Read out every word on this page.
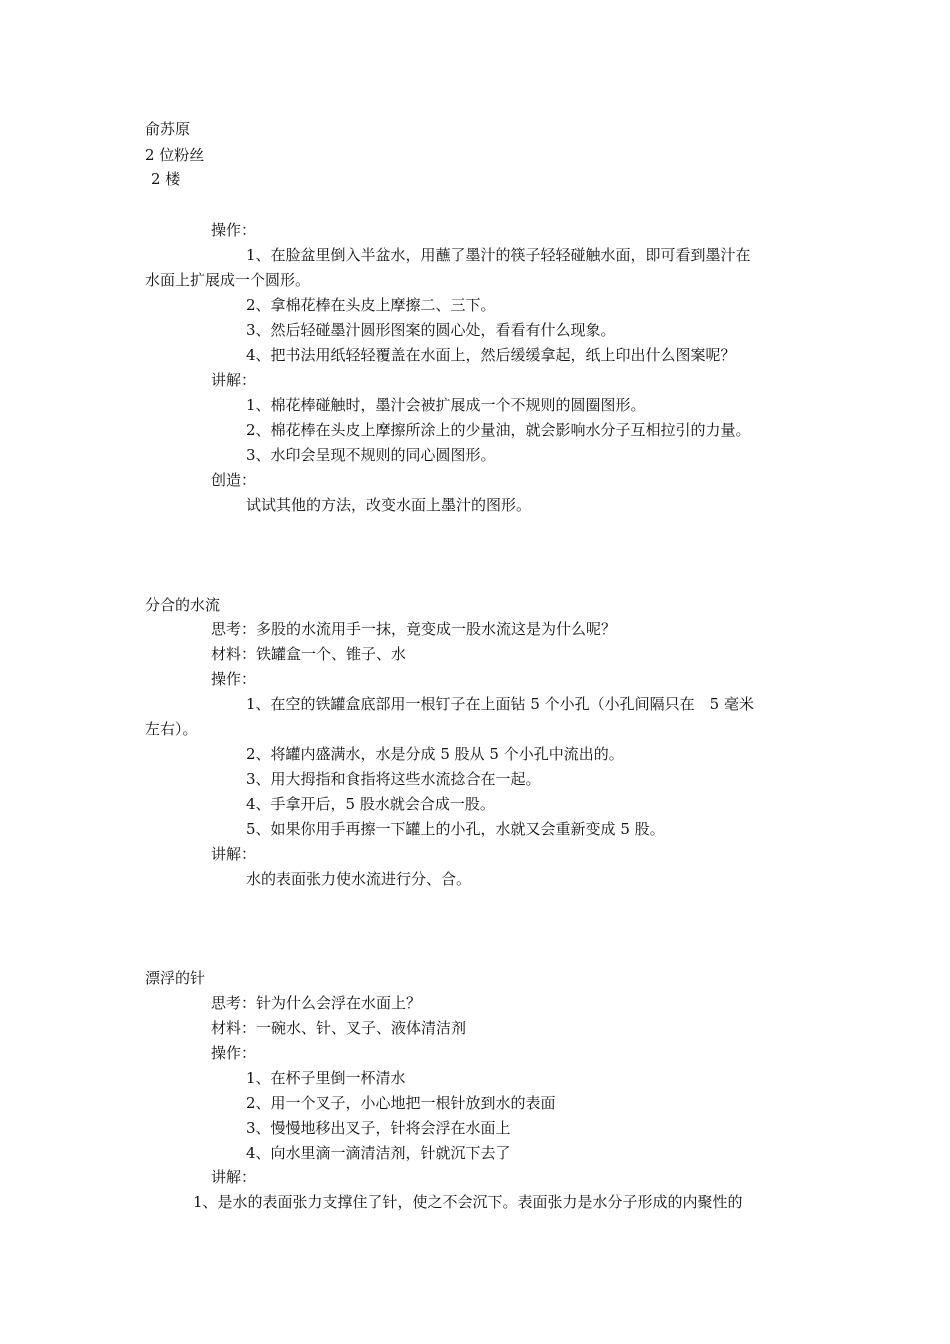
俞苏原
2 位粉丝
2 楼
操作：
1、在脸盆里倒入半盆水，用蘸了墨汁的筷子轻轻碰触水面，即可看到墨汁在
水面上扩展成一个圆形。
2、拿棉花棒在头皮上摩擦二、三下。
3、然后轻碰墨汁圆形图案的圆心处，看看有什么现象。
4、把书法用纸轻轻覆盖在水面上，然后缓缓拿起，纸上印出什么图案呢？
讲解：
1、棉花棒碰触时，墨汁会被扩展成一个不规则的圆圈图形。
2、棉花棒在头皮上摩擦所涂上的少量油，就会影响水分子互相拉引的力量。
3、水印会呈现不规则的同心圆图形。
创造：
试试其他的方法，改变水面上墨汁的图形。
分合的水流
思考：多股的水流用手一抹，竟变成一股水流这是为什么呢？
材料：铁罐盒一个、锥子、水
操作：
1、在空的铁罐盒底部用一根钉子在上面钻 5 个小孔（小孔间隔只在　5 毫米
左右）。
2、将罐内盛满水，水是分成 5 股从 5 个小孔中流出的。
3、用大拇指和食指将这些水流捻合在一起。
4、手拿开后，5 股水就会合成一股。
5、如果你用手再擦一下罐上的小孔，水就又会重新变成 5 股。
讲解：
水的表面张力使水流进行分、合。
漂浮的针
思考：针为什么会浮在水面上？
材料：一碗水、针、叉子、液体清洁剂
操作：
1、在杯子里倒一杯清水
2、用一个叉子，小心地把一根针放到水的表面
3、慢慢地移出叉子，针将会浮在水面上
4、向水里滴一滴清洁剂，针就沉下去了
讲解：
1、是水的表面张力支撑住了针，使之不会沉下。表面张力是水分子形成的内聚性的
